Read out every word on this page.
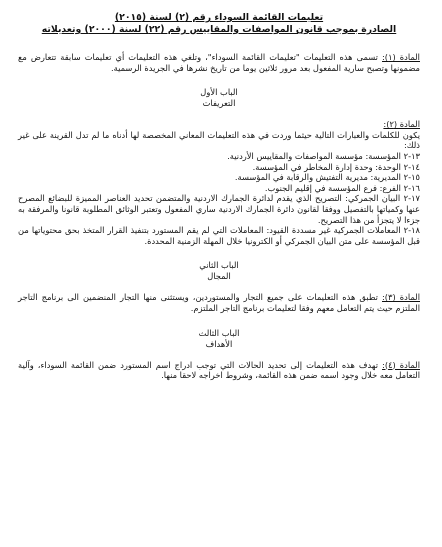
تعليمات القائمة السوداء رقم (٢) لسنة (٢٠١٥)
الصادرة بموجب قانون المواصفات والمقاييس رقم (٢٢) لسنة (٢٠٠٠) وتعديلاته

المادة (١): تسمى هذه التعليمات "تعليمات القائمة السوداء"، وتلغي هذه التعليمات أي تعليمات سابقة تتعارض مع مضمونها وتصبح سارية المفعول بعد مرور ثلاثين يوما من تاريخ نشرها في الجريدة الرسمية.

الباب الأول
التعريفات

المادة (٢):

يكون للكلمات والعبارات التالية حيثما وردت في هذه التعليمات المعاني المخصصة لها أدناه ما لم تدل القرينة على غير ذلك:

١٣-٢ المؤسسة: مؤسسة المواصفات والمقاييس الأردنية.

١٤-٢ الوحدة: وحدة إدارة المخاطر في المؤسسة.

١٥-٢ المديرية: مديرية التفتيش والرقابة في المؤسسة.

١٦-٢ الفرع: فرع المؤسسة في إقليم الجنوب.

١٧-٢ البيان الجمركي: التصريح الذي يقدم لدائرة الجمارك الاردنية والمتضمن تحديد العناصر المميزة للبضائع المصرح عنها وكمياتها بالتفصيل ووفقا لقانون دائرة الجمارك الاردنية ساري المفعول وتعتبر الوثائق المطلوبة قانونا والمرفقة به جزءا لا يتجزأ من هذا التصريح.

١٨-٢ المعاملات الجمركية غير مسددة القيود: المعاملات التي لم يقم المستورد بتنفيذ القرار المتخذ بحق محتوياتها من قبل المؤسسة على متن البيان الجمركي أو الكترونيا خلال المهلة الزمنية المحددة.

الباب الثاني
المجال

المادة (٣): تطبق هذه التعليمات على جميع التجار والمستوردين، ويستثنى منها التجار المنضمين الى برنامج التاجر الملتزم حيث يتم التعامل معهم وفقا لتعليمات برنامج التاجر الملتزم.

الباب الثالث
الأهداف

المادة (٤): تهدف هذه التعليمات إلى تحديد الحالات التي توجب ادراج اسم المستورد ضمن القائمة السوداء، وآلية التعامل معه خلال وجود اسمه ضمن هذه القائمة، وشروط اخراجه لاحقا منها.
